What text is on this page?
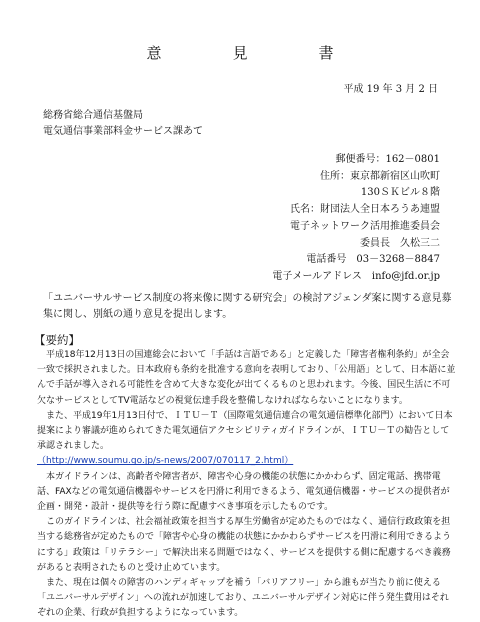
意　見　書
平成 19 年 3 月 2 日
総務省総合通信基盤局
電気通信事業部料金サービス課あて
郵便番号：162－0801
住所：東京都新宿区山吹町
130ＳＫビル８階
氏名：財団法人全日本ろうあ連盟
電子ネットワーク活用推進委員会
委員長　久松三二
電話番号　03－3268－8847
電子メールアドレス　info@jfd.or.jp
「ユニバーサルサービス制度の将来像に関する研究会」の検討アジェンダ案に関する意見募集に関し、別紙の通り意見を提出します。
【要約】

平成18年12月13日の国連総会において「手話は言語である」と定義した「障害者権利条約」が全会一致で採択されました。日本政府も条約を批准する意向を表明しており、「公用語」として、日本語に並んで手話が導入される可能性を含めて大きな変化が出てくるものと思われます。今後、国民生活に不可欠なサービスとしてTV電話などの視覚伝達手段を整備しなければならないことになります。

また、平成19年1月13日付で、ＩＴＵ－Ｔ（国際電気通信連合の電気通信標準化部門）において日本提案により審議が進められてきた電気通信アクセシビリティガイドラインが、ＩＴＵ－Ｔの勧告として承認されました。

（http://www.soumu.go.jp/s-news/2007/070117_2.html）

本ガイドラインは、高齢者や障害者が、障害や心身の機能の状態にかかわらず、固定電話、携帯電話、FAXなどの電気通信機器やサービスを円滑に利用できるよう、電気通信機器・サービスの提供者が企画・開発・設計・提供等を行う際に配慮すべき事項を示したものです。

このガイドラインは、社会福祉政策を担当する厚生労働省が定めたものではなく、通信行政政策を担当する総務省が定めたもので「障害や心身の機能の状態にかかわらずサービスを円滑に利用できるようにする」政策は「リテラシー」で解決出来る問題ではなく、サービスを提供する側に配慮するべき義務があると表明されたものと受け止めています。

また、現在は個々の障害のハンディギャップを補う「バリアフリー」から誰もが当たり前に使える「ユニバーサルデザイン」への流れが加速しており、ユニバーサルデザイン対応に伴う発生費用はそれぞれの企業、行政が負担するようになっています。
